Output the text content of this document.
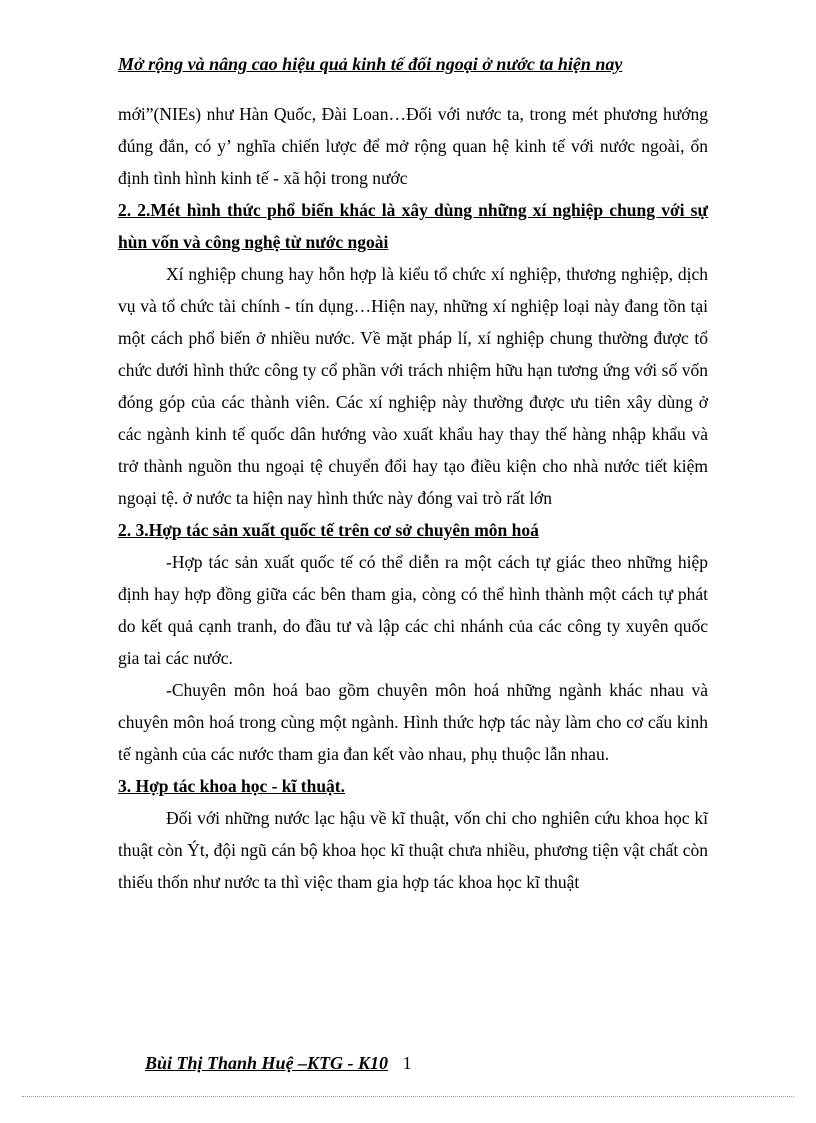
Mở rộng và nâng cao hiệu quả kinh tế đối ngoại ở nước ta hiện nay

mới”(NIEs) như Hàn Quốc, Đài Loan…Đối với nước ta, trong mét phương hướng đúng đắn, có y’ nghĩa chiến lược để mở rộng quan hệ kinh tế với nước ngoài, ổn định tình hình kinh tế - xã hội trong nước

2. 2.Mét hình thức phổ biến khác là xây dùng những xí nghiệp chung với sự hùn vốn và công nghệ từ nước ngoài

Xí nghiệp chung hay hỗn hợp là kiểu tổ chức xí nghiệp, thương nghiệp, dịch vụ và tổ chức tài chính - tín dụng…Hiện nay, những xí nghiệp loại này đang tồn tại một cách phổ biến ở nhiều nước. Về mặt pháp lí, xí nghiệp chung thường được tổ chức dưới hình thức công ty cổ phần với trách nhiệm hữu hạn tương ứng với số vốn đóng góp của các thành viên. Các xí nghiệp này thường được ưu tiên xây dùng ở các ngành kinh tế quốc dân hướng vào xuất khẩu hay thay thế hàng nhập khẩu và trở thành nguồn thu ngoại tệ chuyển đổi hay tạo điều kiện cho nhà nước tiết kiệm ngoại tệ. ở nước ta hiện nay hình thức này đóng vai trò rất lớn

2. 3.Hợp tác sản xuất quốc tế trên cơ sở chuyên môn hoá

-Hợp tác sản xuất quốc tế có thể diễn ra một cách tự giác theo những hiệp định hay hợp đồng giữa các bên tham gia, còng có thể hình thành một cách tự phát do kết quả cạnh tranh, do đầu tư và lập các chi nhánh của các công ty xuyên quốc gia tai các nước.

-Chuyên môn hoá bao gồm chuyên môn hoá những ngành khác nhau và chuyên môn hoá trong cùng một ngành. Hình thức hợp tác này làm cho cơ cấu kinh tế ngành của các nước tham gia đan kết vào nhau, phụ thuộc lẫn nhau.

3. Hợp tác khoa học - kĩ thuật.

Đối với những nước lạc hậu về kĩ thuật, vốn chi cho nghiên cứu khoa học kĩ thuật còn Ýt, đội ngũ cán bộ khoa học kĩ thuật chưa nhiều, phương tiện vật chất còn thiếu thốn như nước ta thì việc tham gia hợp tác khoa học kĩ thuật

Bùi Thị Thanh Huệ –KTG - K10 1
